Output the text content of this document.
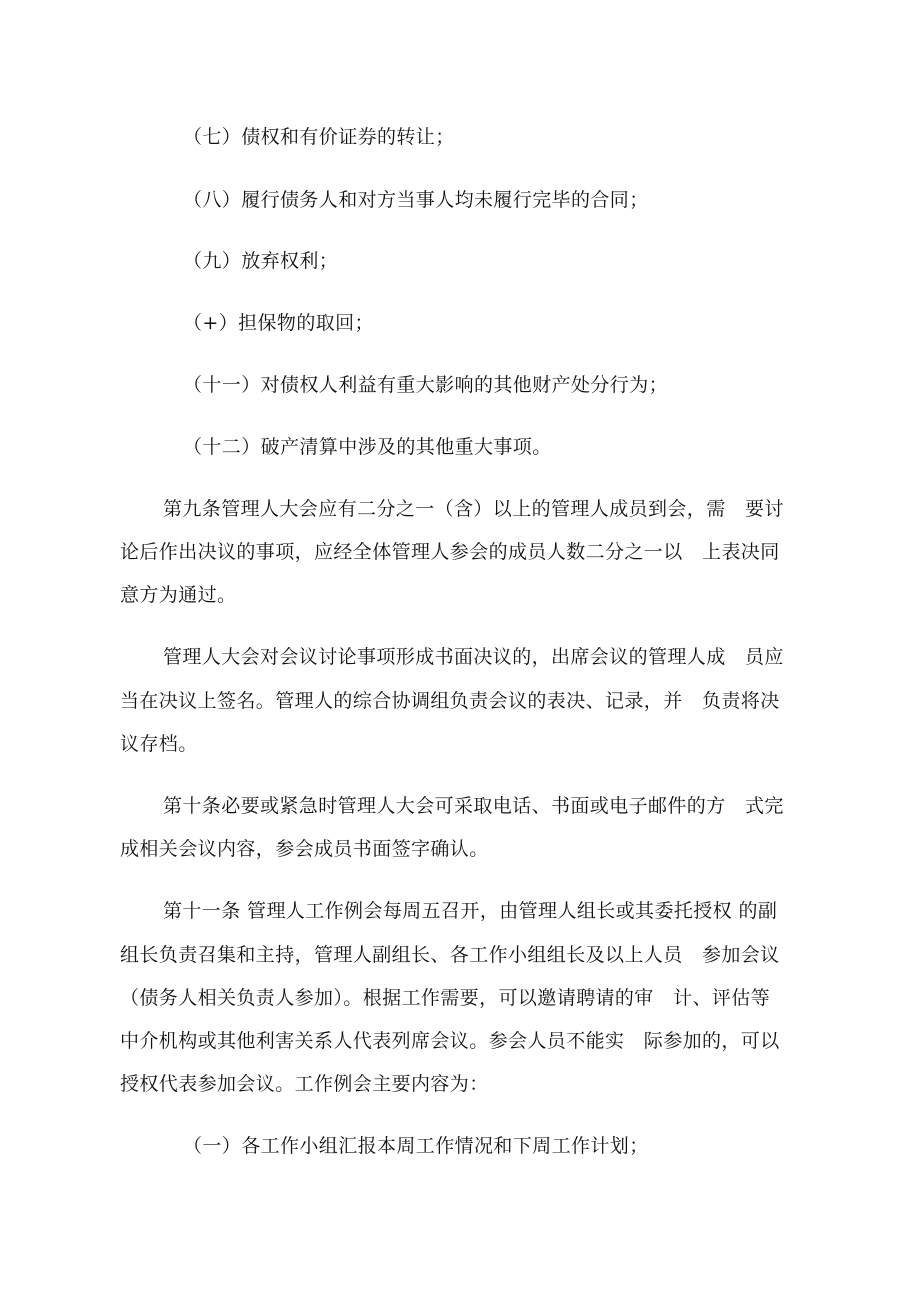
（七）债权和有价证券的转让；
（八）履行债务人和对方当事人均未履行完毕的合同；
（九）放弃权利；
（+）担保物的取回；
（十一）对债权人利益有重大影响的其他财产处分行为；
（十二）破产清算中涉及的其他重大事项。
第九条管理人大会应有二分之一（含）以上的管理人成员到会，需　要讨
论后作出决议的事项，应经全体管理人参会的成员人数二分之一以　上表决同
意方为通过。
管理人大会对会议讨论事项形成书面决议的，出席会议的管理人成　员应
当在决议上签名。管理人的综合协调组负责会议的表决、记录，并　负责将决
议存档。
第十条必要或紧急时管理人大会可采取电话、书面或电子邮件的方　式完
成相关会议内容，参会成员书面签字确认。
第十一条 管理人工作例会每周五召开，由管理人组长或其委托授权 的副
组长负责召集和主持，管理人副组长、各工作小组组长及以上人员　参加会议
（债务人相关负责人参加）。根据工作需要，可以邀请聘请的审　计、评估等
中介机构或其他利害关系人代表列席会议。参会人员不能实　际参加的，可以
授权代表参加会议。工作例会主要内容为：
（一）各工作小组汇报本周工作情况和下周工作计划；
